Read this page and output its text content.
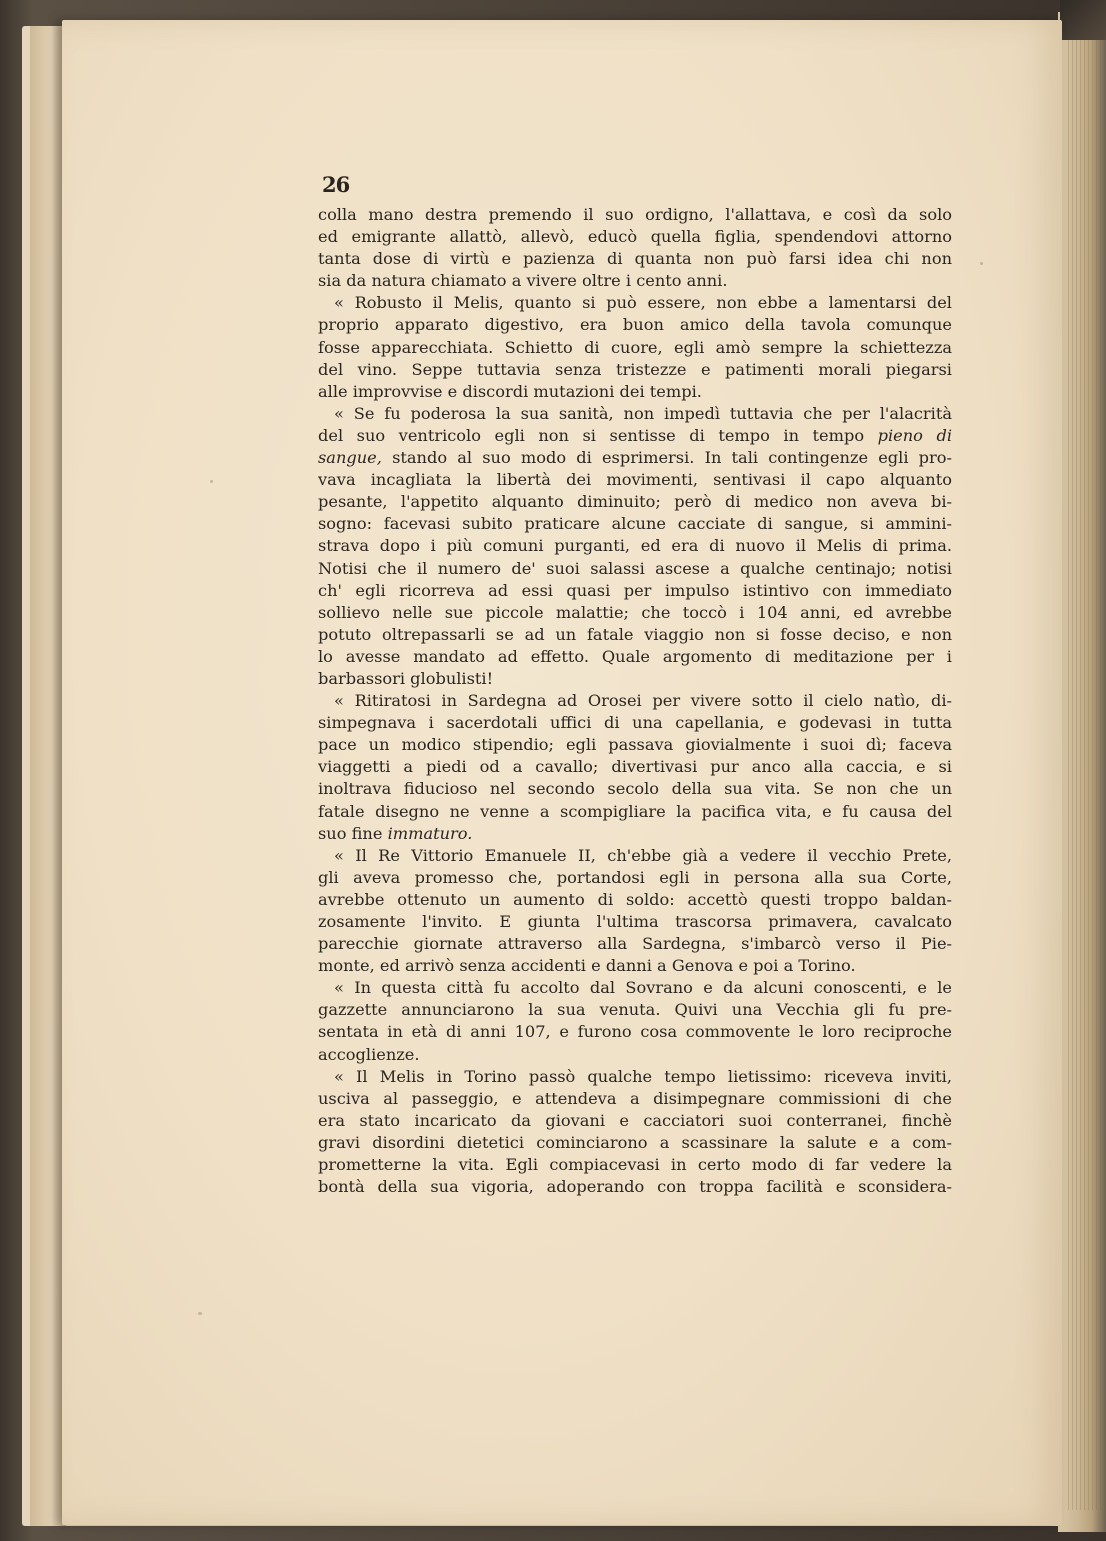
26
colla mano destra premendo il suo ordigno, l'allattava, e così da solo
ed emigrante allattò, allevò, educò quella figlia, spendendovi attorno
tanta dose di virtù e pazienza di quanta non può farsi idea chi non
sia da natura chiamato a vivere oltre i cento anni.
« Robusto il Melis, quanto si può essere, non ebbe a lamentarsi del
proprio apparato digestivo, era buon amico della tavola comunque
fosse apparecchiata. Schietto di cuore, egli amò sempre la schiettezza
del vino. Seppe tuttavia senza tristezze e patimenti morali piegarsi
alle improvvise e discordi mutazioni dei tempi.
« Se fu poderosa la sua sanità, non impedì tuttavia che per l'alacrità
del suo ventricolo egli non si sentisse di tempo in tempo pieno di
sangue, stando al suo modo di esprimersi. In tali contingenze egli pro-
vava incagliata la libertà dei movimenti, sentivasi il capo alquanto
pesante, l'appetito alquanto diminuito; però di medico non aveva bi-
sogno: facevasi subito praticare alcune cacciate di sangue, si ammini-
strava dopo i più comuni purganti, ed era di nuovo il Melis di prima.
Notisi che il numero de' suoi salassi ascese a qualche centinajo; notisi
ch' egli ricorreva ad essi quasi per impulso istintivo con immediato
sollievo nelle sue piccole malattie; che toccò i 104 anni, ed avrebbe
potuto oltrepassarli se ad un fatale viaggio non si fosse deciso, e non
lo avesse mandato ad effetto. Quale argomento di meditazione per i
barbassori globulisti!
« Ritiratosi in Sardegna ad Orosei per vivere sotto il cielo natìo, di-
simpegnava i sacerdotali uffici di una capellania, e godevasi in tutta
pace un modico stipendio; egli passava giovialmente i suoi dì; faceva
viaggetti a piedi od a cavallo; divertivasi pur anco alla caccia, e si
inoltrava fiducioso nel secondo secolo della sua vita. Se non che un
fatale disegno ne venne a scompigliare la pacifica vita, e fu causa del
suo fine immaturo.
« Il Re Vittorio Emanuele II, ch'ebbe già a vedere il vecchio Prete,
gli aveva promesso che, portandosi egli in persona alla sua Corte,
avrebbe ottenuto un aumento di soldo: accettò questi troppo baldan-
zosamente l'invito. E giunta l'ultima trascorsa primavera, cavalcato
parecchie giornate attraverso alla Sardegna, s'imbarcò verso il Pie-
monte, ed arrivò senza accidenti e danni a Genova e poi a Torino.
« In questa città fu accolto dal Sovrano e da alcuni conoscenti, e le
gazzette annunciarono la sua venuta. Quivi una Vecchia gli fu pre-
sentata in età di anni 107, e furono cosa commovente le loro reciproche
accoglienze.
« Il Melis in Torino passò qualche tempo lietissimo: riceveva inviti,
usciva al passeggio, e attendeva a disimpegnare commissioni di che
era stato incaricato da giovani e cacciatori suoi conterranei, finchè
gravi disordini dietetici cominciarono a scassinare la salute e a com-
prometterne la vita. Egli compiacevasi in certo modo di far vedere la
bontà della sua vigoria, adoperando con troppa facilità e sconsidera-
